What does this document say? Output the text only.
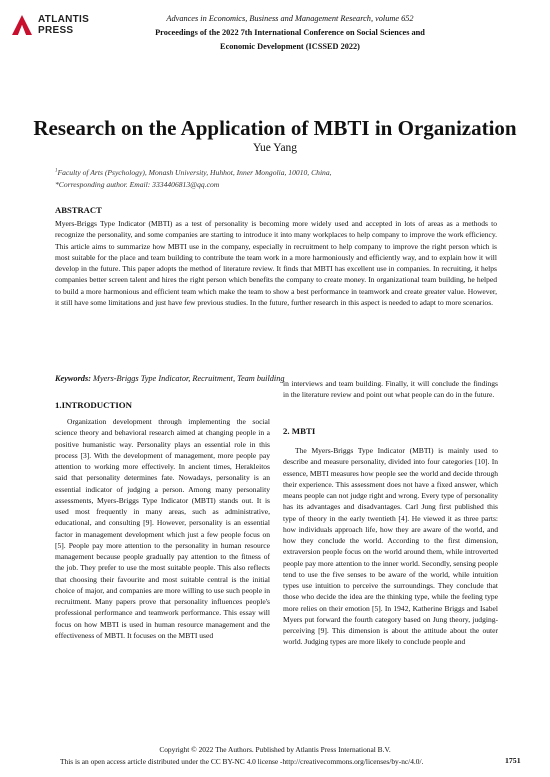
ATLANTIS
PRESS
Advances in Economics, Business and Management Research, volume 652
Proceedings of the 2022 7th International Conference on Social Sciences and
Economic Development (ICSSED 2022)
Research on the Application of MBTI in Organization
Yue Yang
$^1$Faculty of Arts (Psychology), Monash University, Huhhot, Inner Mongolia, 10010, China,
*Corresponding author. Email: 3334406813@qq.com
ABSTRACT
Myers-Briggs Type Indicator (MBTI) as a test of personality is becoming more widely used and accepted in lots of areas as a methods to recognize the personality, and some companies are starting to introduce it into many workplaces to help company to improve the work efficiency. This article aims to summarize how MBTI use in the company, especially in recruitment to help company to improve the right person which is most suitable for the place and team building to contribute the team work in a more harmoniously and efficiently way, and to explain how it will develop in the future. This paper adopts the method of literature review. It finds that MBTI has excellent use in companies. In recruiting, it helps companies better screen talent and hires the right person which benefits the company to create money. In organizational team building, he helped to build a more harmonious and efficient team which make the team to show a best performance in teamwork and create greater value. However, it still have some limitations and just have few previous studies. In the future, further research in this aspect is needed to adapt to more scenarios.
Keywords: Myers-Briggs Type Indicator, Recruitment, Team building
1.INTRODUCTION

Organization development through implementing the social science theory and behavioral research aimed at changing people in a positive humanistic way. Personality plays an essential role in this process [3]. With the development of management, more people pay attention to working more effectively. In ancient times, Herakleitos said that personality determines fate. Nowadays, personality is an essential indicator of judging a person. Among many personality assessments, Myers-Briggs Type Indicator (MBTI) stands out. It is used most frequently in many areas, such as administrative, educational, and consulting [9]. However, personality is an essential factor in management development which just a few people focus on [5]. People pay more attention to the personality in human resource management because people gradually pay attention to the fitness of the job. They prefer to use the most suitable people. This also reflects that choosing their favourite and most suitable central is the initial choice of major, and companies are more willing to use such people in recruitment. Many papers prove that personality influences people's professional performance and teamwork performance. This essay will focus on how MBTI is used in human resource management and the effectiveness of MBTI. It focuses on the MBTI used

in interviews and team building. Finally, it will conclude the findings in the literature review and point out what people can do in the future.

2. MBTI

The Myers-Briggs Type Indicator (MBTI) is mainly used to describe and measure personality, divided into four categories [10]. In essence, MBTI measures how people see the world and decide through their experience. This assessment does not have a fixed answer, which means people can not judge right and wrong. Every type of personality has its advantages and disadvantages. Carl Jung first published this type of theory in the early twentieth [4]. He viewed it as three parts: how individuals approach life, how they are aware of the world, and how they conclude the world. According to the first dimension, extraversion people focus on the world around them, while introverted people pay more attention to the inner world. Secondly, sensing people tend to use the five senses to be aware of the world, while intuition types use intuition to perceive the surroundings. They conclude that those who decide the idea are the thinking type, while the feeling type more relies on their emotion [5]. In 1942, Katherine Briggs and Isabel Myers put forward the fourth category based on Jung theory, judging-perceiving [9]. This dimension is about the attitude about the outer world. Judging types are more likely to conclude people and

Copyright © 2022 The Authors. Published by Atlantis Press International B.V.
This is an open access article distributed under the CC BY-NC 4.0 license -http://creativecommons.org/licenses/by-nc/4.0/.	1751
